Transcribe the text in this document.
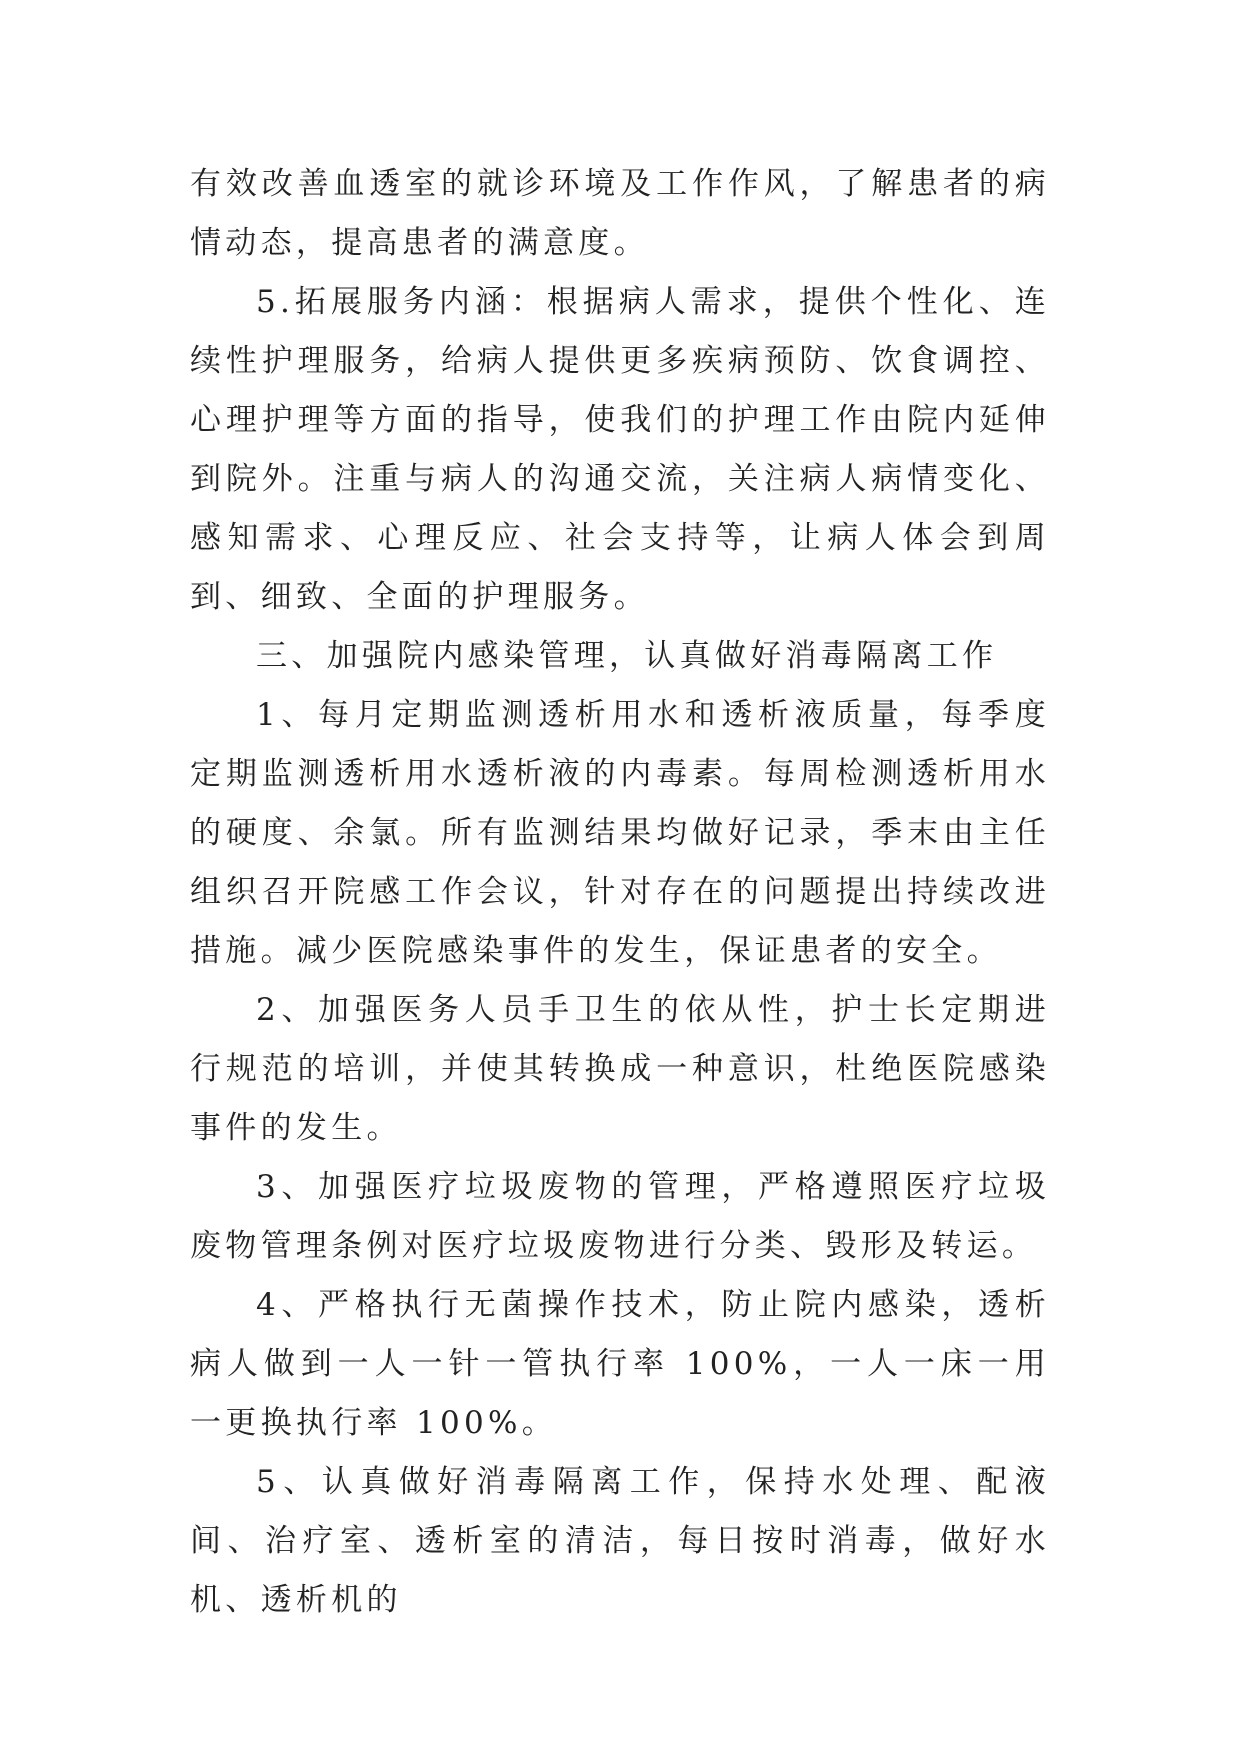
有效改善血透室的就诊环境及工作作风，了解患者的病情动态，提高患者的满意度。

5.拓展服务内涵：根据病人需求，提供个性化、连续性护理服务，给病人提供更多疾病预防、饮食调控、心理护理等方面的指导，使我们的护理工作由院内延伸到院外。注重与病人的沟通交流，关注病人病情变化、感知需求、心理反应、社会支持等，让病人体会到周到、细致、全面的护理服务。

三、加强院内感染管理，认真做好消毒隔离工作

1、每月定期监测透析用水和透析液质量，每季度定期监测透析用水透析液的内毒素。每周检测透析用水的硬度、余氯。所有监测结果均做好记录，季末由主任组织召开院感工作会议，针对存在的问题提出持续改进措施。减少医院感染事件的发生，保证患者的安全。

2、加强医务人员手卫生的依从性，护士长定期进行规范的培训，并使其转换成一种意识，杜绝医院感染事件的发生。

3、加强医疗垃圾废物的管理，严格遵照医疗垃圾废物管理条例对医疗垃圾废物进行分类、毁形及转运。

4、严格执行无菌操作技术，防止院内感染，透析病人做到一人一针一管执行率 100%，一人一床一用一更换执行率 100%。

5、认真做好消毒隔离工作，保持水处理、配液间、治疗室、透析室的清洁，每日按时消毒，做好水机、透析机的
